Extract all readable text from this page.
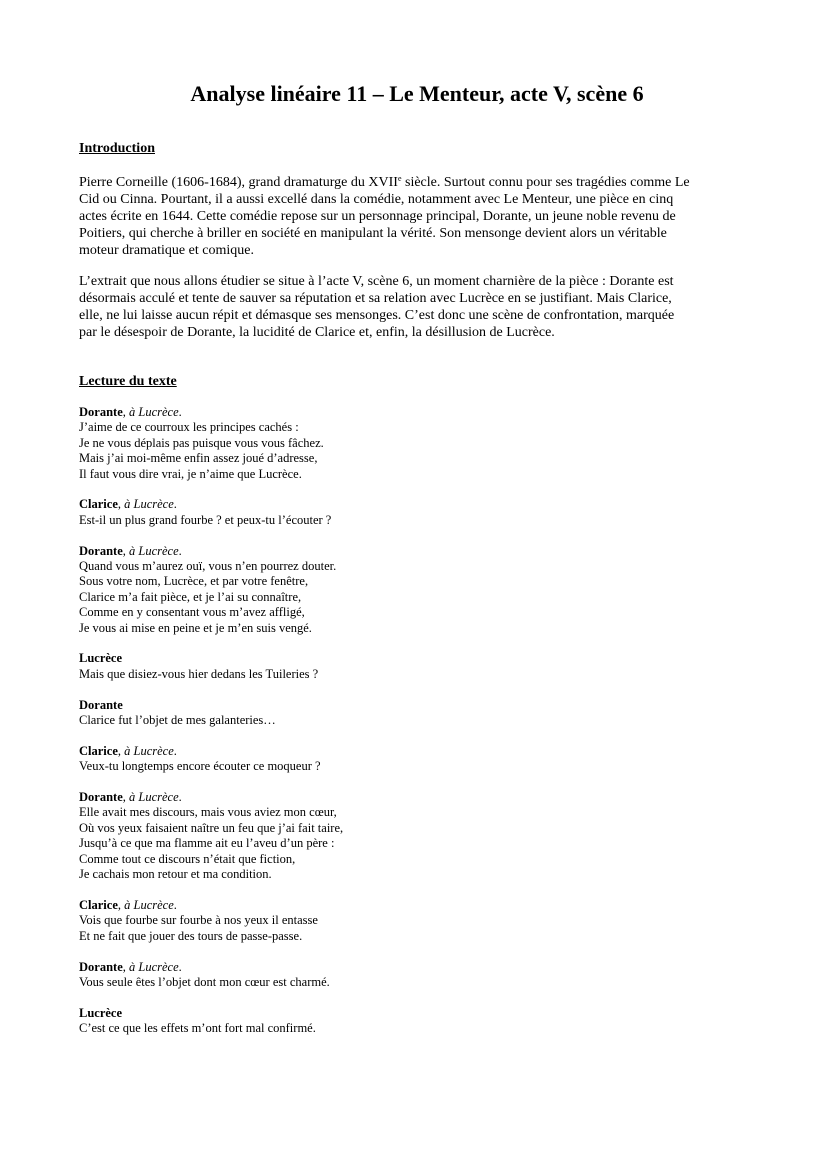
Analyse linéaire 11 – Le Menteur, acte V, scène 6
Introduction
Pierre Corneille (1606-1684), grand dramaturge du XVIIe siècle. Surtout connu pour ses tragédies comme Le
Cid ou Cinna. Pourtant, il a aussi excellé dans la comédie, notamment avec Le Menteur, une pièce en cinq
actes écrite en 1644. Cette comédie repose sur un personnage principal, Dorante, un jeune noble revenu de
Poitiers, qui cherche à briller en société en manipulant la vérité. Son mensonge devient alors un véritable
moteur dramatique et comique.
L’extrait que nous allons étudier se situe à l’acte V, scène 6, un moment charnière de la pièce : Dorante est
désormais acculé et tente de sauver sa réputation et sa relation avec Lucrèce en se justifiant. Mais Clarice,
elle, ne lui laisse aucun répit et démasque ses mensonges. C’est donc une scène de confrontation, marquée
par le désespoir de Dorante, la lucidité de Clarice et, enfin, la désillusion de Lucrèce.
Lecture du texte
Dorante, à Lucrèce.
J’aime de ce courroux les principes cachés :
Je ne vous déplais pas puisque vous vous fâchez.
Mais j’ai moi-même enfin assez joué d’adresse,
Il faut vous dire vrai, je n’aime que Lucrèce.
Clarice, à Lucrèce.
Est-il un plus grand fourbe ? et peux-tu l’écouter ?
Dorante, à Lucrèce.
Quand vous m’aurez ouï, vous n’en pourrez douter.
Sous votre nom, Lucrèce, et par votre fenêtre,
Clarice m’a fait pièce, et je l’ai su connaître,
Comme en y consentant vous m’avez affligé,
Je vous ai mise en peine et je m’en suis vengé.
Lucrèce
Mais que disiez-vous hier dedans les Tuileries ?
Dorante
Clarice fut l’objet de mes galanteries…
Clarice, à Lucrèce.
Veux-tu longtemps encore écouter ce moqueur ?
Dorante, à Lucrèce.
Elle avait mes discours, mais vous aviez mon cœur,
Où vos yeux faisaient naître un feu que j’ai fait taire,
Jusqu’à ce que ma flamme ait eu l’aveu d’un père :
Comme tout ce discours n’était que fiction,
Je cachais mon retour et ma condition.
Clarice, à Lucrèce.
Vois que fourbe sur fourbe à nos yeux il entasse
Et ne fait que jouer des tours de passe-passe.
Dorante, à Lucrèce.
Vous seule êtes l’objet dont mon cœur est charmé.
Lucrèce
C’est ce que les effets m’ont fort mal confirmé.
